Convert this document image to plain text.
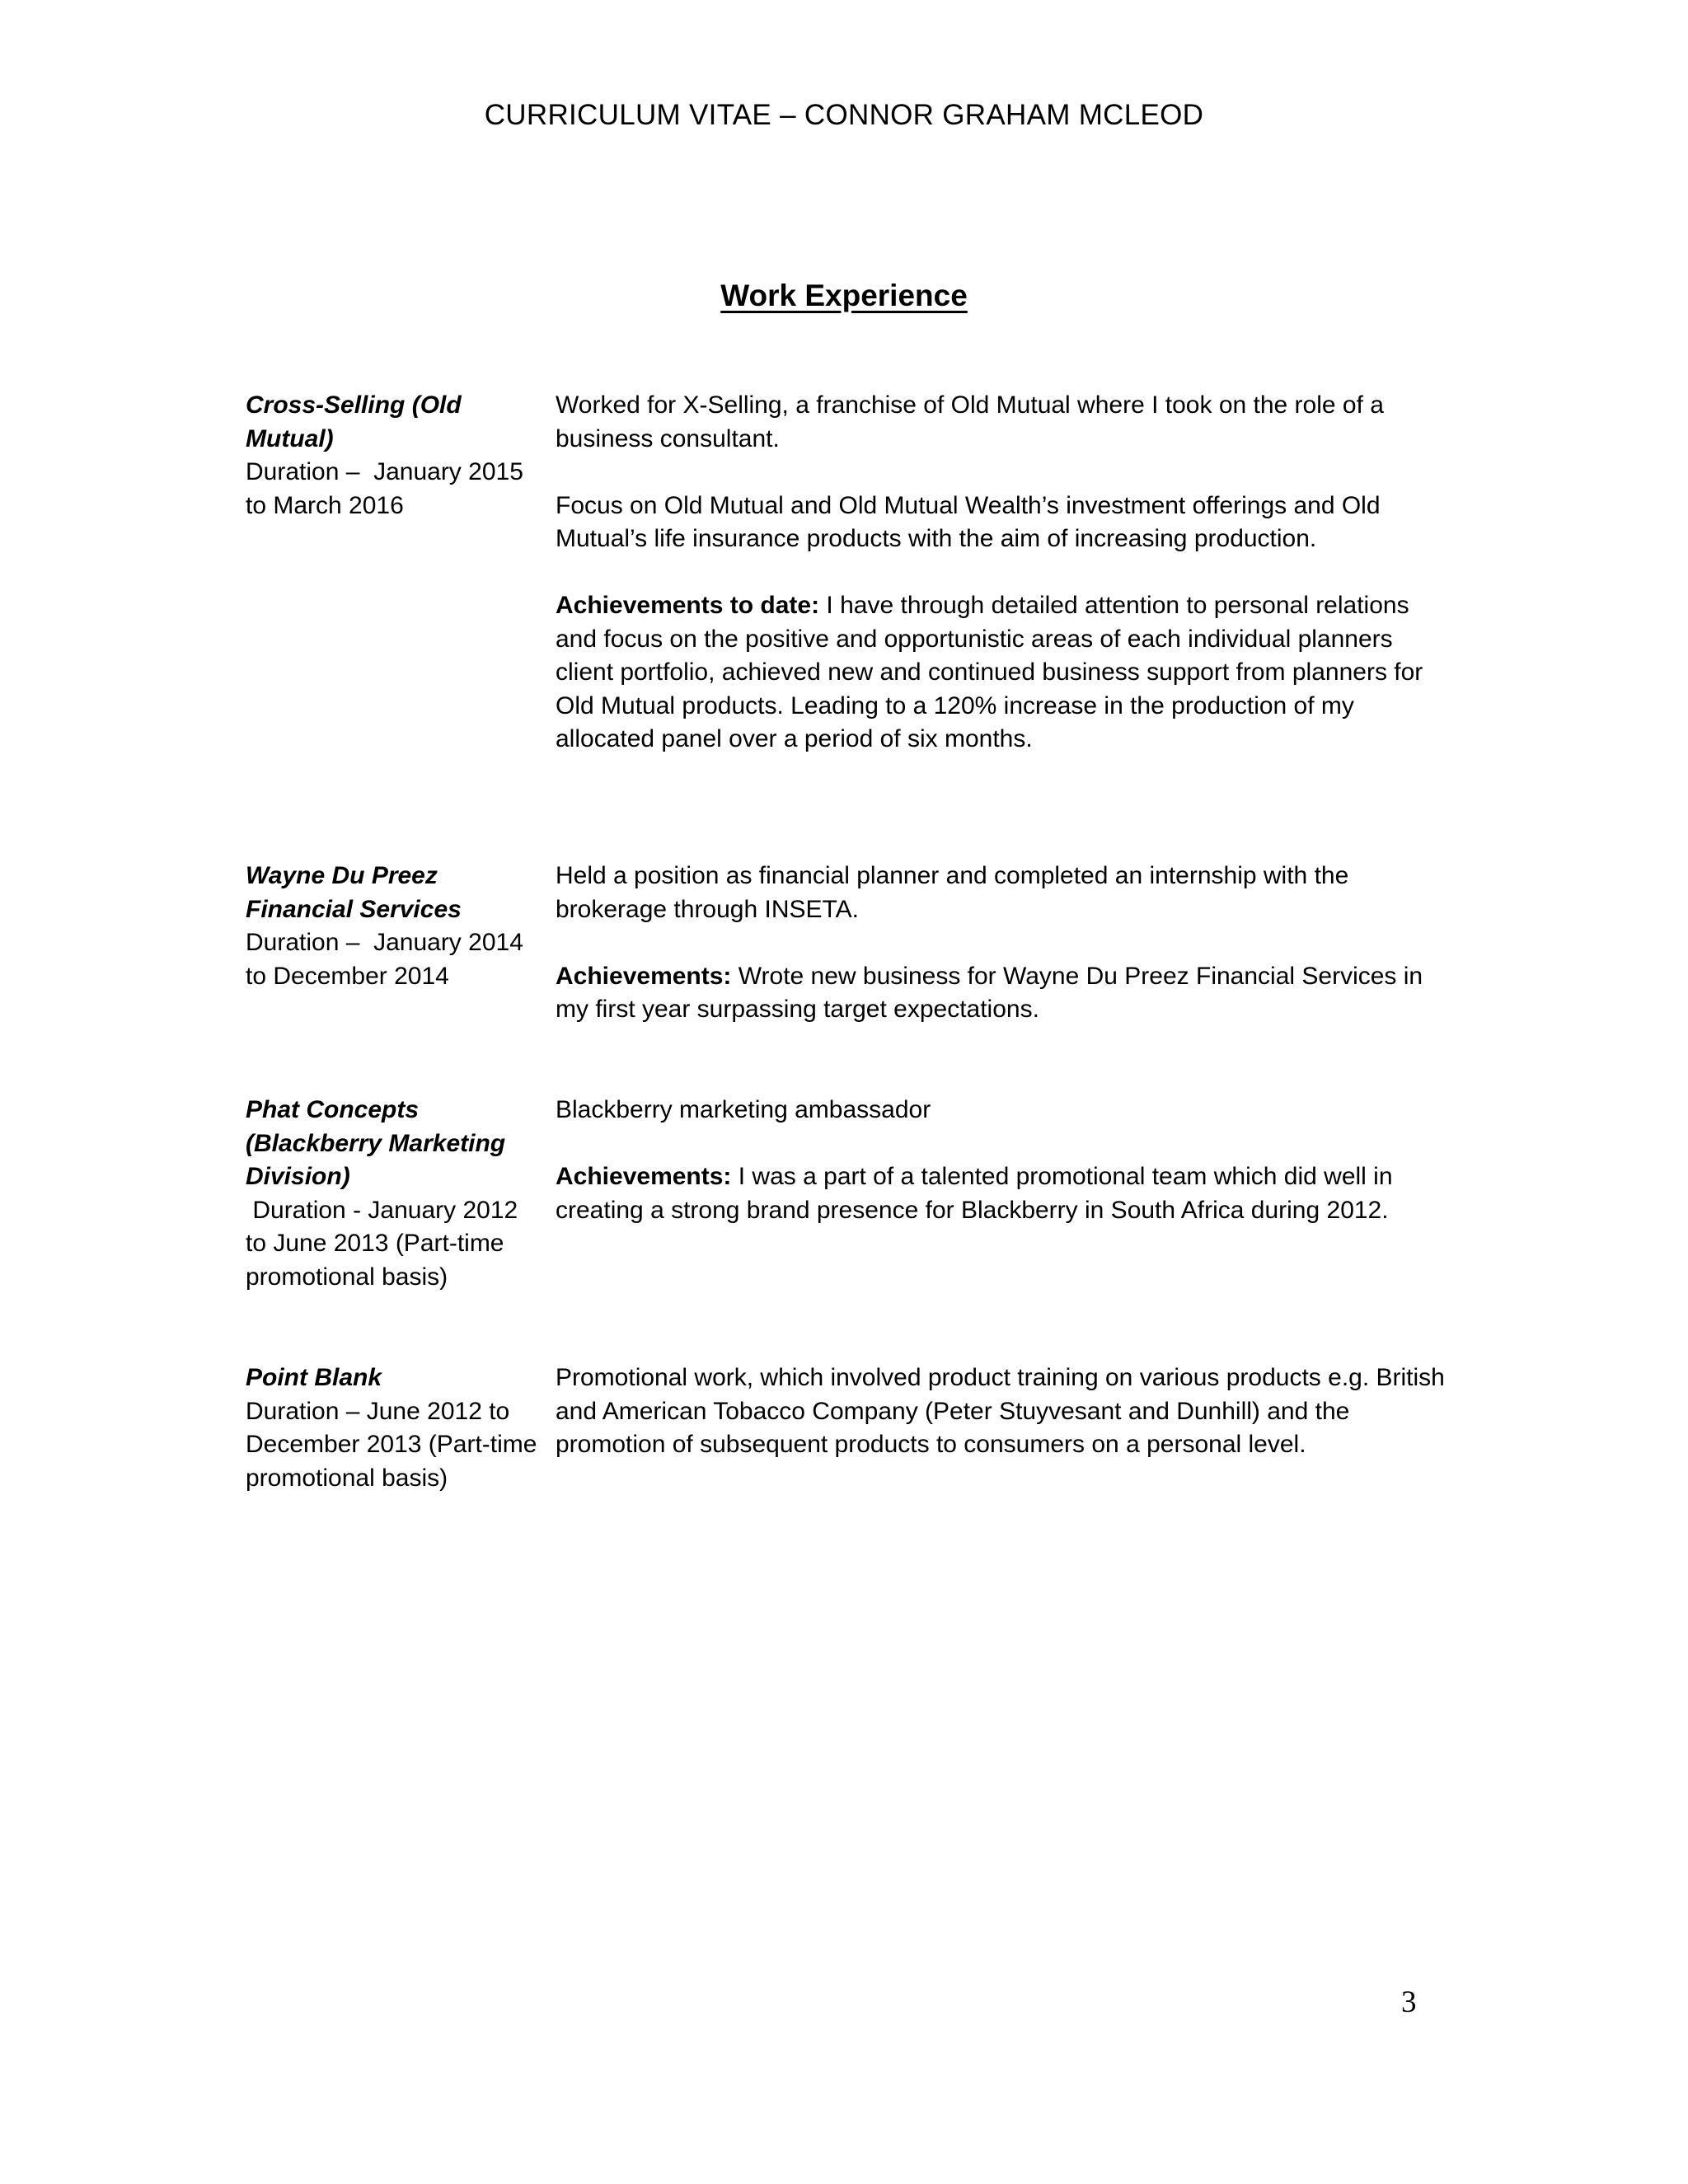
CURRICULUM VITAE – CONNOR GRAHAM MCLEOD
Work Experience
Cross-Selling (Old Mutual)
Duration –  January 2015 to March 2016

Worked for X-Selling, a franchise of Old Mutual where I took on the role of a business consultant.

Focus on Old Mutual and Old Mutual Wealth’s investment offerings and Old Mutual’s life insurance products with the aim of increasing production.

Achievements to date: I have through detailed attention to personal relations and focus on the positive and opportunistic areas of each individual planners client portfolio, achieved new and continued business support from planners for Old Mutual products. Leading to a 120% increase in the production of my allocated panel over a period of six months.

Wayne Du Preez Financial Services
Duration –  January 2014 to December 2014

Held a position as financial planner and completed an internship with the brokerage through INSETA.

Achievements: Wrote new business for Wayne Du Preez Financial Services in my first year surpassing target expectations.

Phat Concepts (Blackberry Marketing Division)
Duration - January 2012 to June 2013 (Part-time promotional basis)

Blackberry marketing ambassador

Achievements: I was a part of a talented promotional team which did well in creating a strong brand presence for Blackberry in South Africa during 2012.

Point Blank
Duration – June 2012 to December 2013 (Part-time promotional basis)

Promotional work, which involved product training on various products e.g. British and American Tobacco Company (Peter Stuyvesant and Dunhill) and the promotion of subsequent products to consumers on a personal level.

3
